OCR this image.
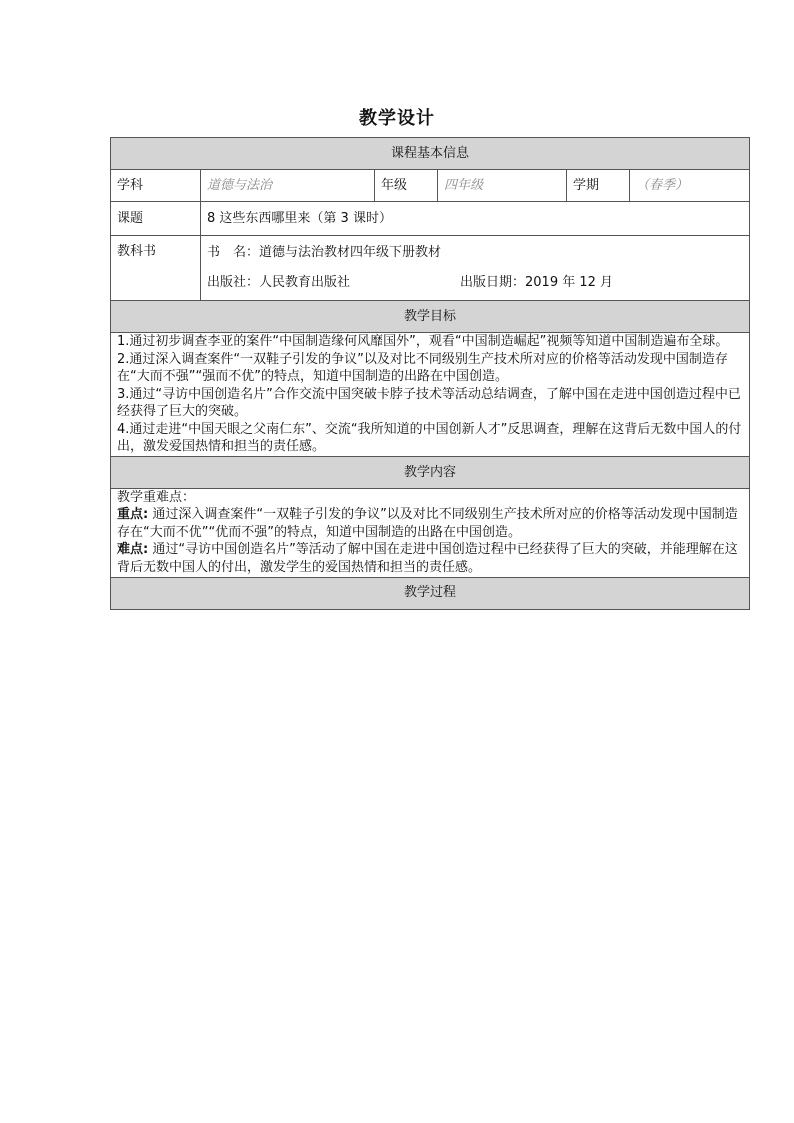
教学设计
课程基本信息					
学科	道德与法治	年级	四年级	学期	（春季）
课题	8 这些东西哪里来（第 3 课时）				
教科书	书　名：道德与法治教材四年级下册教材
出版社：人民教育出版社 出版日期：2019 年 12 月				

教学目标					

1.通过初步调查李亚的案件“中国制造缘何风靡国外”，观看“中国制造崛起”视频等知道中国制造遍布全球。

2.通过深入调查案件“一双鞋子引发的争议”以及对比不同级别生产技术所对应的价格等活动发现中国制造存在“大而不强”“强而不优”的特点，知道中国制造的出路在中国创造。

3.通过“寻访中国创造名片”合作交流中国突破卡脖子技术等活动总结调查，了解中国在走进中国创造过程中已经获得了巨大的突破。

4.通过走进“中国天眼之父南仁东”、交流“我所知道的中国创新人才”反思调查，理解在这背后无数中国人的付出，激发爱国热情和担当的责任感。					

教学内容					

教学重难点：

重点: 通过深入调查案件“一双鞋子引发的争议”以及对比不同级别生产技术所对应的价格等活动发现中国制造存在“大而不优”“优而不强”的特点，知道中国制造的出路在中国创造。

难点: 通过“寻访中国创造名片”等活动了解中国在走进中国创造过程中已经获得了巨大的突破，并能理解在这背后无数中国人的付出，激发学生的爱国热情和担当的责任感。					

教学过程					
